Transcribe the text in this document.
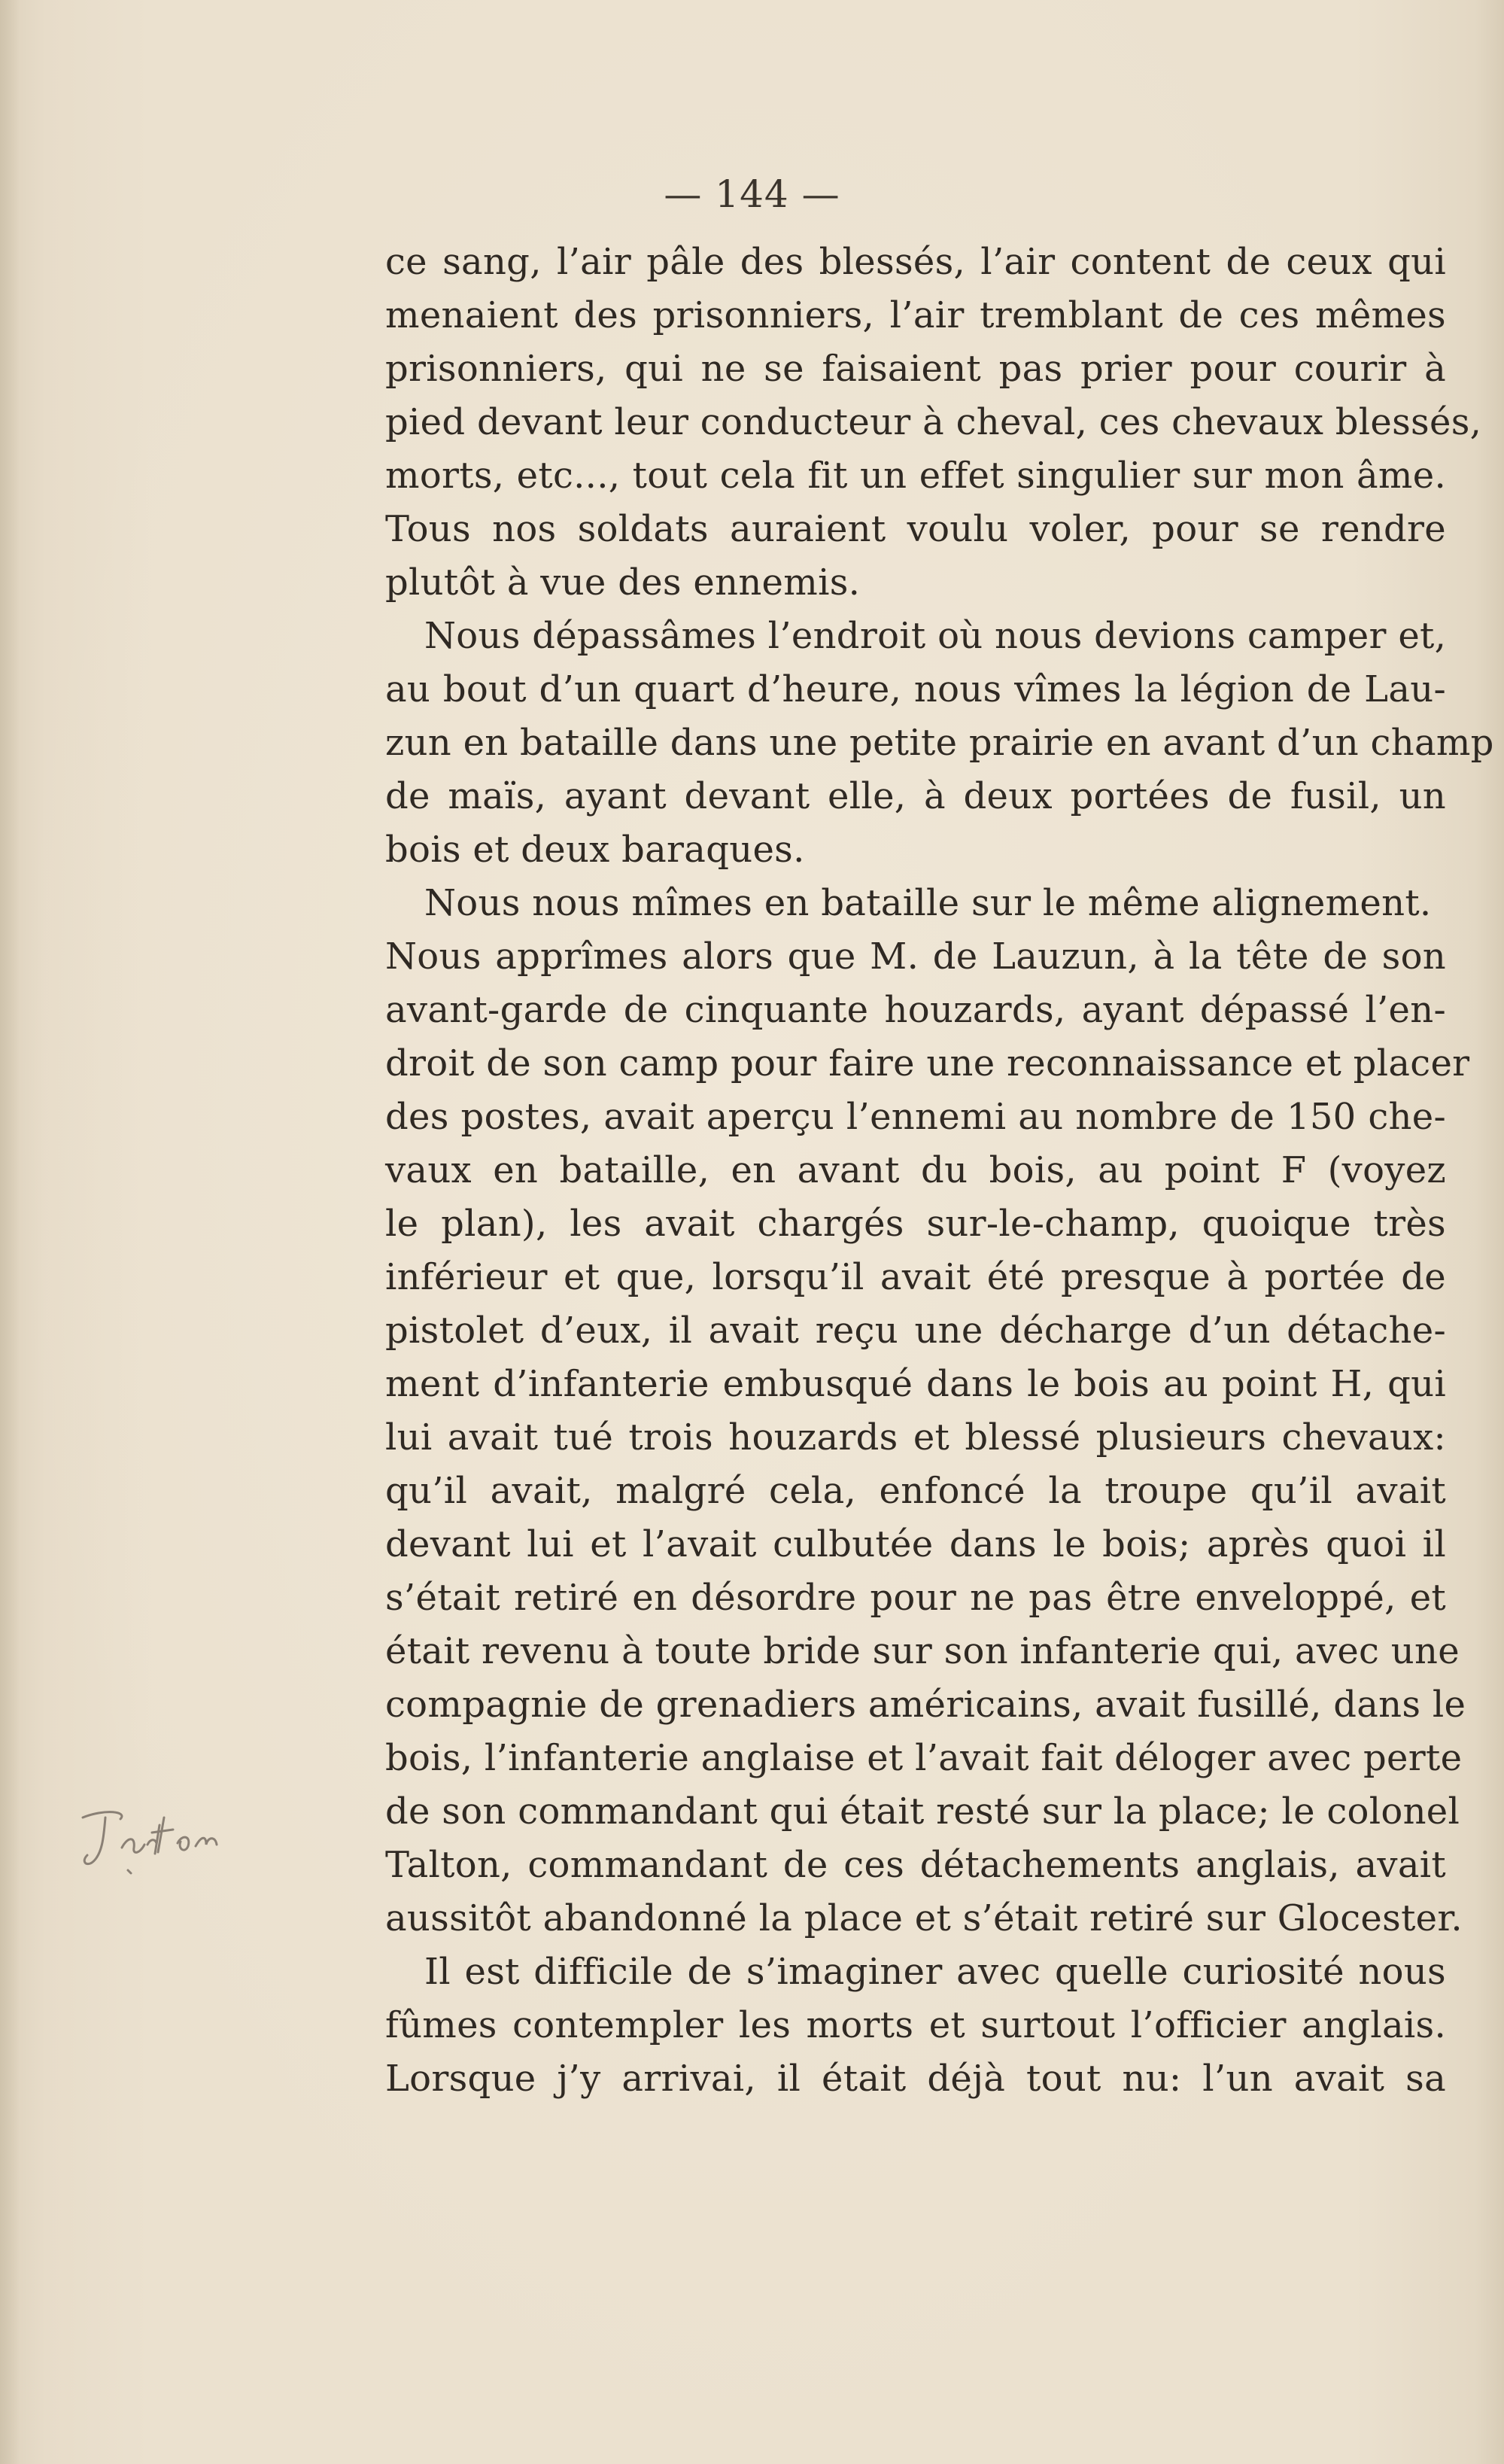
— 144 —
ce sang, l’air pâle des blessés, l’air content de ceux qui
menaient des prisonniers, l’air tremblant de ces mêmes
prisonniers, qui ne se faisaient pas prier pour courir à
pied devant leur conducteur à cheval, ces chevaux blessés,
morts, etc..., tout cela fit un effet singulier sur mon âme.
Tous nos soldats auraient voulu voler, pour se rendre
plutôt à vue des ennemis.
Nous dépassâmes l’endroit où nous devions camper et,
au bout d’un quart d’heure, nous vîmes la légion de Lau-
zun en bataille dans une petite prairie en avant d’un champ
de maïs, ayant devant elle, à deux portées de fusil, un
bois et deux baraques.
Nous nous mîmes en bataille sur le même alignement.
Nous apprîmes alors que M. de Lauzun, à la tête de son
avant-garde de cinquante houzards, ayant dépassé l’en-
droit de son camp pour faire une reconnaissance et placer
des postes, avait aperçu l’ennemi au nombre de 150 che-
vaux en bataille, en avant du bois, au point F (voyez
le plan), les avait chargés sur-le-champ, quoique très
inférieur et que, lorsqu’il avait été presque à portée de
pistolet d’eux, il avait reçu une décharge d’un détache-
ment d’infanterie embusqué dans le bois au point H, qui
lui avait tué trois houzards et blessé plusieurs chevaux:
qu’il avait, malgré cela, enfoncé la troupe qu’il avait
devant lui et l’avait culbutée dans le bois; après quoi il
s’était retiré en désordre pour ne pas être enveloppé, et
était revenu à toute bride sur son infanterie qui, avec une
compagnie de grenadiers américains, avait fusillé, dans le
bois, l’infanterie anglaise et l’avait fait déloger avec perte
de son commandant qui était resté sur la place; le colonel
Talton, commandant de ces détachements anglais, avait
aussitôt abandonné la place et s’était retiré sur Glocester.
Il est difficile de s’imaginer avec quelle curiosité nous
fûmes contempler les morts et surtout l’officier anglais.
Lorsque j’y arrivai, il était déjà tout nu: l’un avait sa
